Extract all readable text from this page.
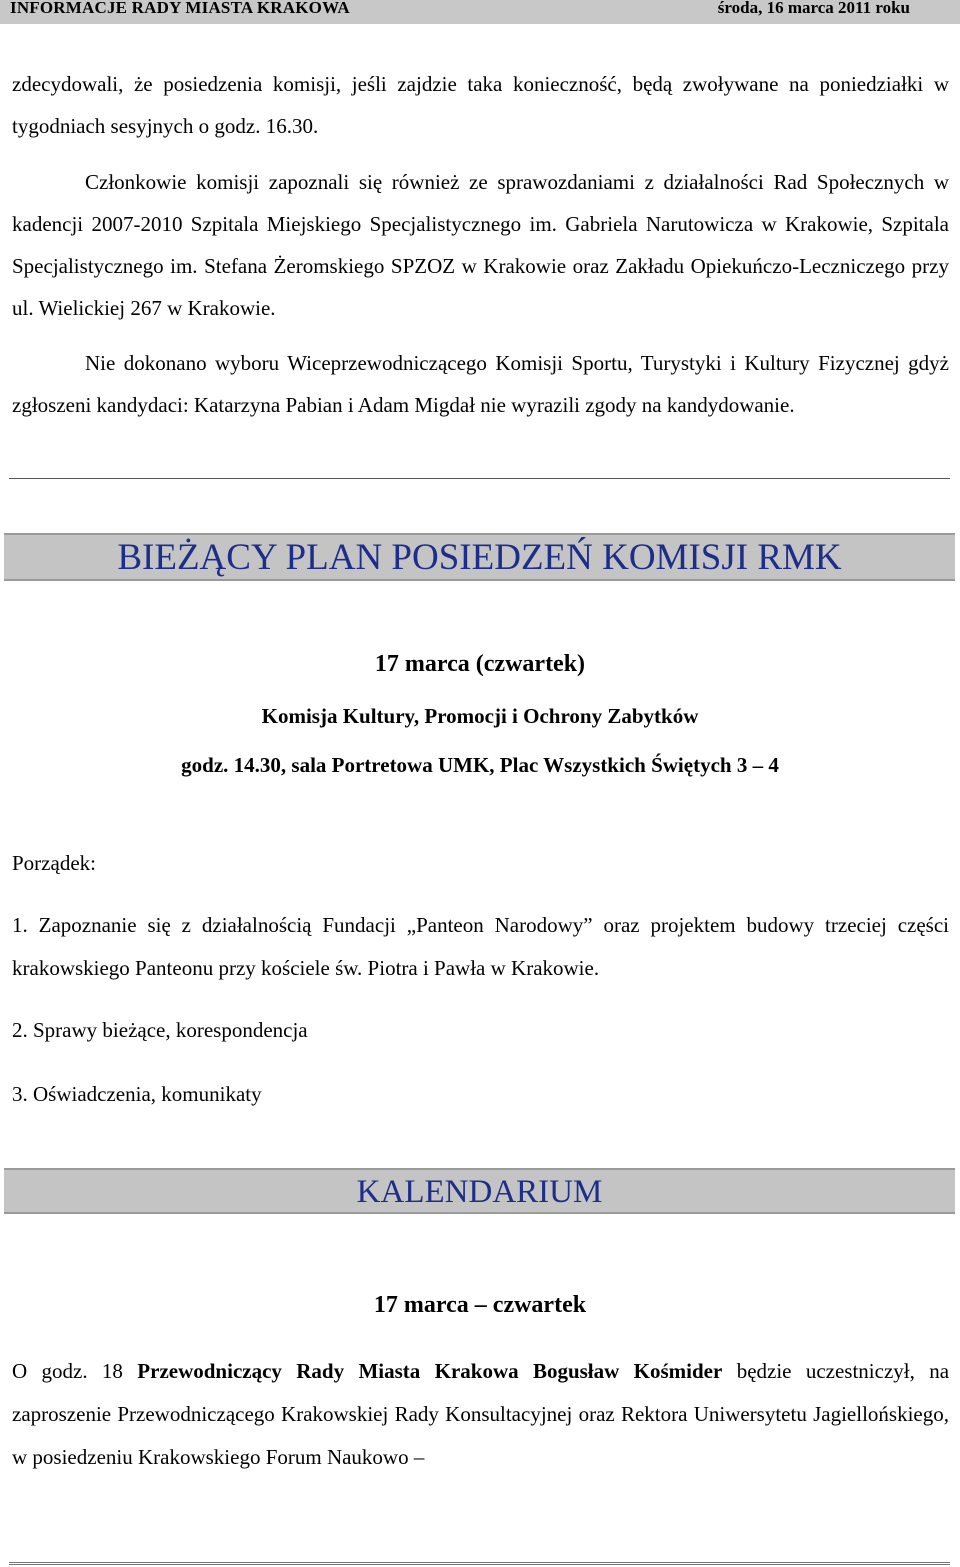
INFORMACJE RADY MIASTA KRAKOWA	środa, 16 marca 2011 roku
zdecydowali, że posiedzenia komisji, jeśli zajdzie taka konieczność, będą zwoływane na poniedziałki w tygodniach sesyjnych o godz. 16.30.
Członkowie komisji zapoznali się również ze sprawozdaniami z działalności Rad Społecznych w kadencji 2007-2010 Szpitala Miejskiego Specjalistycznego im. Gabriela Narutowicza w Krakowie, Szpitala Specjalistycznego im. Stefana Żeromskiego SPZOZ w Krakowie oraz Zakładu Opiekuńczo-Leczniczego przy ul. Wielickiej 267 w Krakowie.
Nie dokonano wyboru Wiceprzewodniczącego Komisji Sportu, Turystyki i Kultury Fizycznej gdyż zgłoszeni kandydaci: Katarzyna Pabian i Adam Migdał nie wyrazili zgody na kandydowanie.
BIEŻĄCY PLAN POSIEDZEŃ KOMISJI RMK
17 marca (czwartek)
Komisja Kultury, Promocji i Ochrony Zabytków
godz. 14.30, sala Portretowa UMK, Plac Wszystkich Świętych 3 – 4
Porządek:
1. Zapoznanie się z działalnością Fundacji „Panteon Narodowy” oraz projektem budowy trzeciej części krakowskiego Panteonu przy kościele św. Piotra i Pawła w Krakowie.
2. Sprawy bieżące, korespondencja
3. Oświadczenia, komunikaty
KALENDARIUM
17 marca – czwartek
O godz. 18 Przewodniczący Rady Miasta Krakowa Bogusław Kośmider będzie uczestniczył, na zaproszenie Przewodniczącego Krakowskiej Rady Konsultacyjnej oraz Rektora Uniwersytetu Jagiellońskiego, w posiedzeniu Krakowskiego Forum Naukowo –
